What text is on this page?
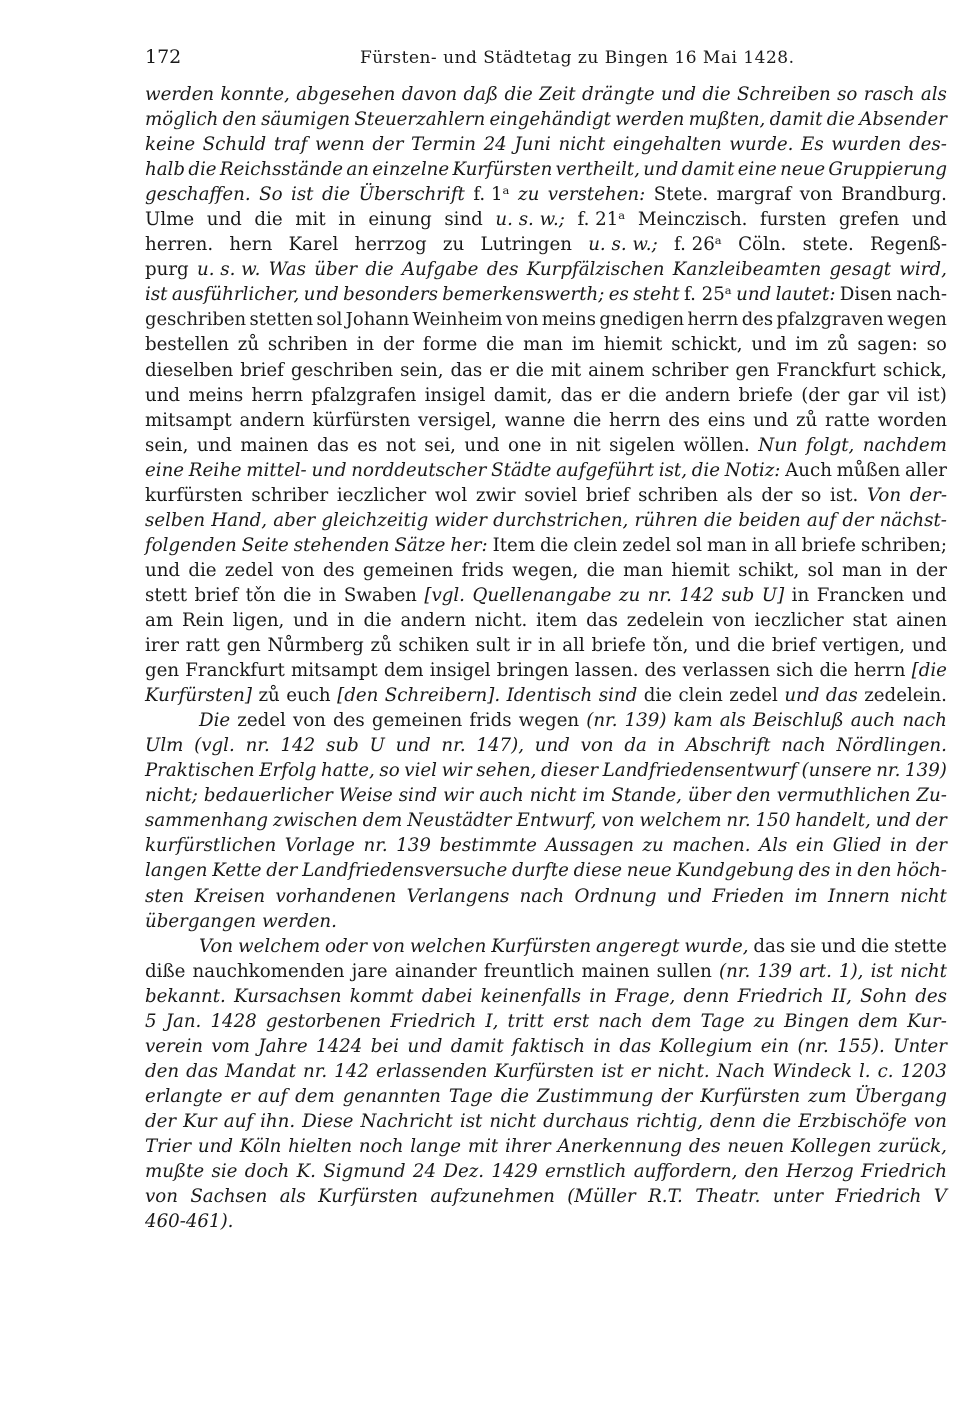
172	Fürsten- und Städtetag zu Bingen 16 Mai 1428.
werden konnte, abgesehen davon daß die Zeit drängte und die Schreiben so rasch als
möglich den säumigen Steuerzahlern eingehändigt werden mußten, damit die Absender
keine Schuld traf wenn der Termin 24 Juni nicht eingehalten wurde. Es wurden des-
halb die Reichsstände an einzelne Kurfürsten vertheilt, und damit eine neue Gruppierung
geschaffen. So ist die Überschrift f. 1ᵃ zu verstehen: Stete. margraf von Brandburg.
Ulme und die mit in einung sind u. s. w.; f. 21ᵃ Meinczisch. fursten grefen und
herren. hern Karel herrzog zu Lutringen u. s. w.; f. 26ᵃ Cöln. stete. Regenß-
purg u. s. w. Was über die Aufgabe des Kurpfälzischen Kanzleibeamten gesagt wird,
ist ausführlicher, und besonders bemerkenswerth; es steht f. 25ᵃ und lautet: Disen nach-
geschriben stetten sol Johann Weinheim von meins gnedigen herrn des pfalzgraven wegen
bestellen zů schriben in der forme die man im hiemit schickt, und im zů sagen: so
dieselben brief geschriben sein, das er die mit ainem schriber gen Franckfurt schick,
und meins herrn pfalzgrafen insigel damit, das er die andern briefe (der gar vil ist)
mitsampt andern kürfürsten versigel, wanne die herrn des eins und zů ratte worden
sein, und mainen das es not sei, und one in nit sigelen wöllen. Nun folgt, nachdem
eine Reihe mittel- und norddeutscher Städte aufgeführt ist, die Notiz: Auch můßen aller
kurfürsten schriber ieczlicher wol zwir soviel brief schriben als der so ist. Von der-
selben Hand, aber gleichzeitig wider durchstrichen, rühren die beiden auf der nächst-
folgenden Seite stehenden Sätze her: Item die clein zedel sol man in all briefe schriben;
und die zedel von des gemeinen frids wegen, die man hiemit schikt, sol man in der
stett brief tǒn die in Swaben [vgl. Quellenangabe zu nr. 142 sub U] in Francken und
am Rein ligen, und in die andern nicht. item das zedelein von ieczlicher stat ainen
irer ratt gen Nůrmberg zů schiken sult ir in all briefe tǒn, und die brief vertigen, und
gen Franckfurt mitsampt dem insigel bringen lassen. des verlassen sich die herrn [die
Kurfürsten] zů euch [den Schreibern]. Identisch sind die clein zedel und das zedelein.
Die zedel von des gemeinen frids wegen (nr. 139) kam als Beischluß auch nach
Ulm (vgl. nr. 142 sub U und nr. 147), und von da in Abschrift nach Nördlingen.
Praktischen Erfolg hatte, so viel wir sehen, dieser Landfriedensentwurf (unsere nr. 139)
nicht; bedauerlicher Weise sind wir auch nicht im Stande, über den vermuthlichen Zu-
sammenhang zwischen dem Neustädter Entwurf, von welchem nr. 150 handelt, und der
kurfürstlichen Vorlage nr. 139 bestimmte Aussagen zu machen. Als ein Glied in der
langen Kette der Landfriedensversuche durfte diese neue Kundgebung des in den höch-
sten Kreisen vorhandenen Verlangens nach Ordnung und Frieden im Innern nicht
übergangen werden.
Von welchem oder von welchen Kurfürsten angeregt wurde, das sie und die stette
diße nauchkomenden jare ainander freuntlich mainen sullen (nr. 139 art. 1), ist nicht
bekannt. Kursachsen kommt dabei keinenfalls in Frage, denn Friedrich II, Sohn des
5 Jan. 1428 gestorbenen Friedrich I, tritt erst nach dem Tage zu Bingen dem Kur-
verein vom Jahre 1424 bei und damit faktisch in das Kollegium ein (nr. 155). Unter
den das Mandat nr. 142 erlassenden Kurfürsten ist er nicht. Nach Windeck l. c. 1203
erlangte er auf dem genannten Tage die Zustimmung der Kurfürsten zum Übergang
der Kur auf ihn. Diese Nachricht ist nicht durchaus richtig, denn die Erzbischöfe von
Trier und Köln hielten noch lange mit ihrer Anerkennung des neuen Kollegen zurück,
mußte sie doch K. Sigmund 24 Dez. 1429 ernstlich auffordern, den Herzog Friedrich
von Sachsen als Kurfürsten aufzunehmen (Müller R.T. Theatr. unter Friedrich V
460-461).
